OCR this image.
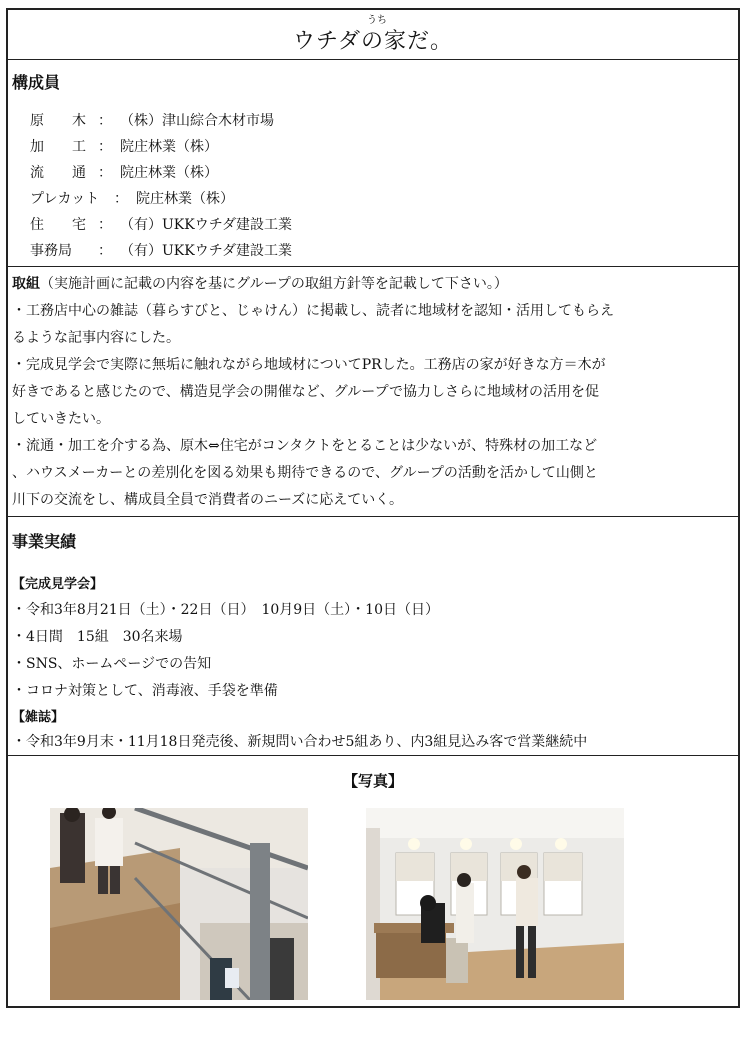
うち
ウチダの家だ。
構成員
原　　木 ： （株）津山綜合木材市場
加　　工 ： 院庄林業（株）
流　　通 ： 院庄林業（株）
プレカット ： 院庄林業（株）
住　　宅 ： （有）UKKウチダ建設工業
事務局 ： （有）UKKウチダ建設工業
取組（実施計画に記載の内容を基にグループの取組方針等を記載して下さい。）
・工務店中心の雑誌（暮らすびと、じゃけん）に掲載し、読者に地域材を認知・活用してもらえ
るような記事内容にした。
・完成見学会で実際に無垢に触れながら地域材についてPRした。工務店の家が好きな方＝木が
好きであると感じたので、構造見学会の開催など、グループで協力しさらに地域材の活用を促
していきたい。
・流通・加工を介する為、原木⇔住宅がコンタクトをとることは少ないが、特殊材の加工など
、ハウスメーカーとの差別化を図る効果も期待できるので、グループの活動を活かして山側と
川下の交流をし、構成員全員で消費者のニーズに応えていく。
事業実績
【完成見学会】
・令和3年8月21日（土）・22日（日）　10月9日（土）・10日（日）
・4日間　15組　30名来場
・SNS、ホームページでの告知
・コロナ対策として、消毒液、手袋を準備
【雑誌】
・令和3年9月末・11月18日発売後、新規問い合わせ5組あり、内3組見込み客で営業継続中
【写真】
